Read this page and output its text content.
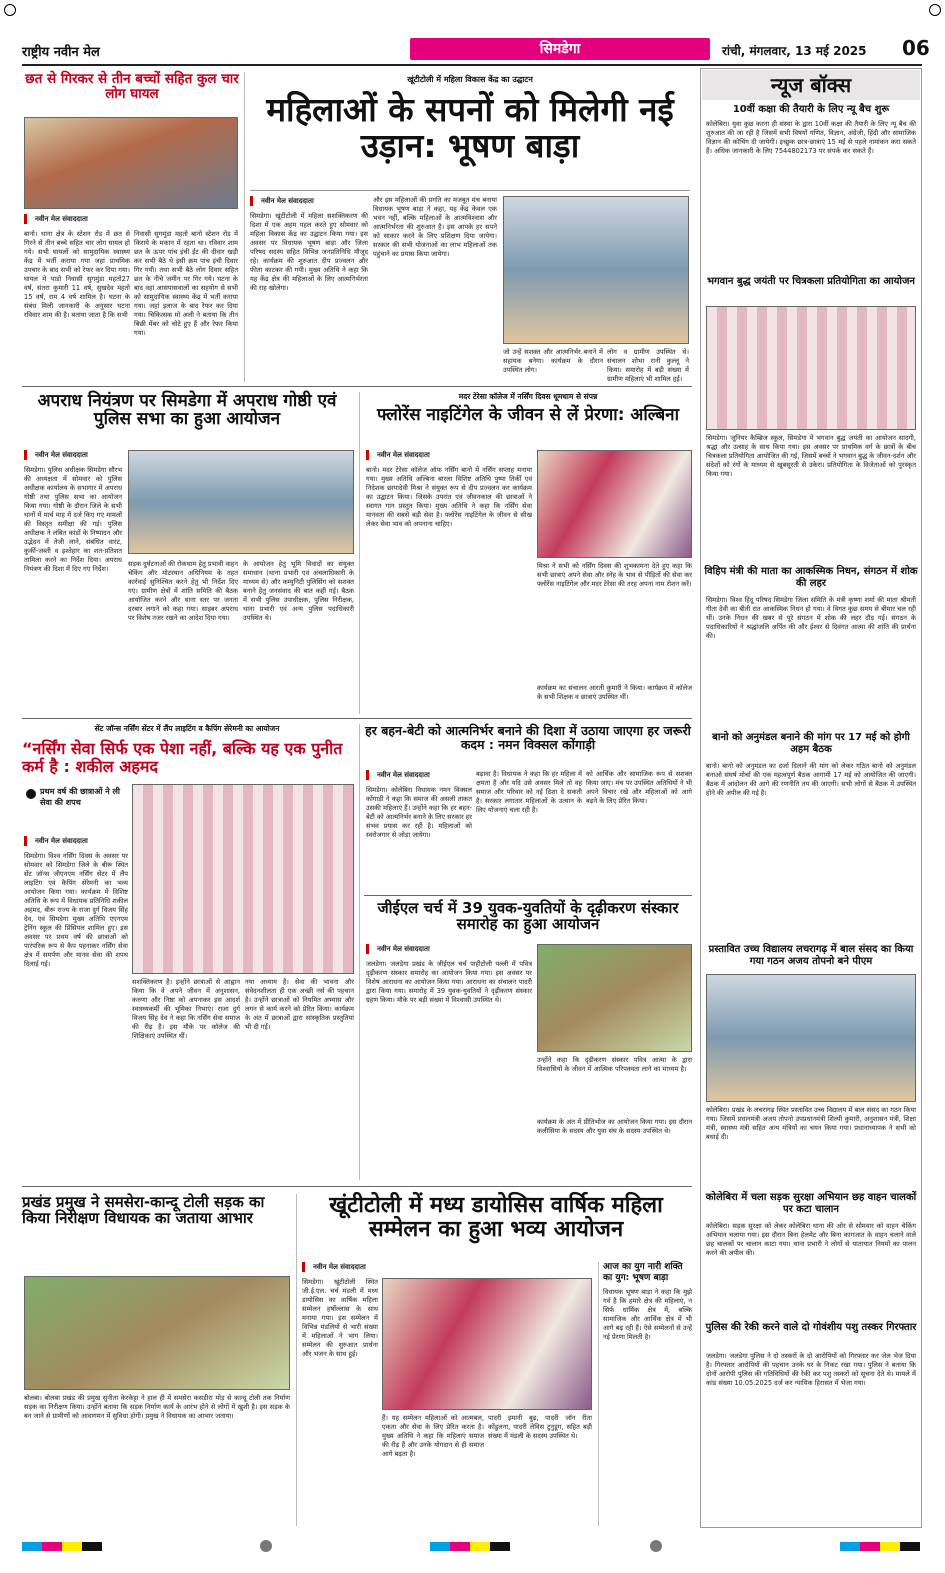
राष्ट्रीय नवीन मेल	सिमडेगा	रांची, मंगलवार, 13 मई 2025 06
छत से गिरकर से तीन बच्चों सहित कुल चार लोग घायल
नवीन मेल संवाददाता
बानो। थाना क्षेत्र के स्टेशन रोड में छत से गिरने से तीन बच्चे सहित चार लोग घायल हो गये। सभी घायलों को सामुदायिक स्वास्थ्य केंद्र में भर्ती कराया गया जहां प्राथमिक उपचार के बाद सभी को रेफर कर दिया गया। घायल मे पाडो निवासी सुगमुंडा महतो27 वर्ष, संतरा कुमारी 11 वर्ष, सुखदेव महतो 15 वर्ष, राम 4 वर्ष शामिल है। घटना के संबंध मिली जानकारी के अनुसार घटना रविवार शाम की है। बताया जाता है कि सभी
निवासी सुगमुंडा महतो बानो स्टेशन रोड में किराये के मकान में रहता था। रविवार शाम छत के ऊपर पांच इंची ईंट की दीवार खड़ी कर सभी बैठे थे इसी क्रम पांच इंची दिवार गिर गयी। तथा सभी बैठे लोग दिवार सहित छत के नीचे जमीन पर गिर गये। घटना के बाद वहां आसपासवालों का सहयोग से सभी को सामुदायिक स्वास्थ्य केंद्र में भर्ती कराया गया। जहां इलाज के बाद रेफर कर दिया गया। चिकित्सक मो अली ने बताया कि तीन बिछी मेंबर को चोटे हुए हैं और रेफर किया गया।
खूंटीटोली में महिला विकास केंद्र का उद्घाटन
महिलाओं के सपनों को मिलेगी नई उड़ान: भूषण बाड़ा
नवीन मेल संवाददाता
सिमडेगा। खूंटीटोली में महिला सशक्तिकरण की दिशा में एक अहम पहल करते हुए सोमवार को महिला विकास केंद्र का उद्घाटन किया गया। इस अवसर पर विधायक भूषण बाड़ा और जिला परिषद सदस्य सहित विभिन्न जनप्रतिनिधि मौजूद रहे। कार्यक्रम की शुरुआत दीप प्रज्वलन और फीता काटकर की गयी। मुख्य अतिथि ने कहा कि यह केंद्र क्षेत्र की महिलाओं के लिए आत्मनिर्भरता की राह खोलेगा।
और इस महिलाओं की प्रगति का मजबूत मंच बनाया विधायक भूषण बाड़ा ने कहा, यह केंद्र केवल एक भवन नहीं, बल्कि महिलाओं के आत्मविश्वास और आत्मनिर्भरता की शुरुआत है। इस आपके हर सपने को साकार करने के लिए प्रशिक्षण दिया जायेगा। सरकार की सभी योजनाओं का लाभ महिलाओं तक पहुंचाने का प्रयास किया जायेगा।
जो उन्हें सशक्त और आत्मनिर्भर बनाने में सहायक बनेगा। कार्यक्रम के दौरान उपस्थित लोग।
लोग व ग्रामीण उपस्थित थे। संचालन शोभा रानी कुल्लू ने किया। समारोह में बड़ी संख्या में ग्रामीण महिलाएं भी शामिल हुईं।
अपराध नियंत्रण पर सिमडेगा में अपराध गोष्ठी एवं पुलिस सभा का हुआ आयोजन
नवीन मेल संवाददाता
सिमडेगा। पुलिस अधीक्षक सिमडेगा सौरभ की अध्यक्षता में सोमवार को पुलिस अधीक्षक कार्यालय के सभागार में अपराध गोष्ठी तथा पुलिस सभा का आयोजन किया गया। गोष्ठी के दौरान जिले के सभी थानों में मार्च माह में दर्ज किए गए मामलों की विस्तृत समीक्षा की गई। पुलिस अधीक्षक ने लंबित कांडों के निष्पादन और उद्भेदन में तेजी लाने, संबंधित वारंट, कुर्की-जब्ती व इश्तेहार का शत-प्रतिशत तामिला करने का निर्देश दिया। अपराध नियंत्रण की दिशा में दिए गए निर्देश।
सड़क दुर्घटनाओं की रोकथाम हेतु प्रभावी वाहन चेकिंग और मोटरयान अधिनियम के तहत कार्रवाई सुनिश्चित करने हेतु भी निर्देश दिए गए। ग्रामीण क्षेत्रों में शांति समिति की बैठक आयोजित करने और थाना स्तर पर जनता दरबार लगाने को कहा गया। साइबर अपराध पर विशेष नजर रखने का आदेश दिया गया।
के आयोजन हेतु भूमि विवादों का संयुक्त समाधान (थाना प्रभारी एवं अंचलाधिकारी के माध्यम से) और कम्युनिटी पुलिसिंग को सशक्त बनाने हेतु जनसंवाद की बात कही गई। बैठक में सभी पुलिस उपाधीक्षक, पुलिस निरीक्षक, थाना प्रभारी एवं अन्य पुलिस पदाधिकारी उपस्थित थे।
मदर टेरेसा कॉलेज में नर्सिंग दिवस धूमधाम से संपन्न
फ्लोरेंस नाइटिंगेल के जीवन से लें प्रेरणा: अल्बिना
नवीन मेल संवाददाता
बानो। मदर टेरेसा कॉलेज ऑफ नर्सिंग बानो में नर्सिंग सप्ताह मनाया गया। मुख्य अतिथि अल्बिना बारला विशिष्ट अतिथि पुष्पा तिर्की एवं निदेशक छायादेवी मिश्रा ने संयुक्त रूप से दीप प्रज्वलन कर कार्यक्रम का उद्घाटन किया। जिसके उपरांत एवं जीवनकाल की छात्राओं ने स्वागत गान प्रस्तुत किया। मुख्य अतिथि ने कहा कि नर्सिंग सेवा मानवता की सबसे बड़ी सेवा है। फ्लोरेंस नाइटिंगेल के जीवन से सीख लेकर सेवा भाव को अपनाना चाहिए।
मिश्रा ने सभी को नर्सिंग दिवस की शुभकामना देते हुए कहा कि सभी छात्राएं अपने सेवा और स्नेह के भाव से पीड़ितों की सेवा कर फ्लोरेंस नाइटिंगेल और मदर टेरेसा की तरह अपना नाम रोशन करें।
कार्यक्रम का संचालन आरती कुमारी ने किया। कार्यक्रम में कॉलेज के सभी शिक्षक व छात्राएं उपस्थित थीं।
सेंट जॉन्स नर्सिंग सेंटर में लैंप लाइटिंग व कैपिंग सेरेमनी का आयोजन
“नर्सिंग सेवा सिर्फ एक पेशा नहीं, बल्कि यह एक पुनीत कर्म है : शकील अहमद
प्रथम वर्ष की छात्राओं ने ली सेवा की शपथ
नवीन मेल संवाददाता
सिमडेगा। विश्व नर्सिंग दिवस के अवसर पर सोमवार को सिमडेगा जिले के बीरू स्थित सेंट जॉन्स जीएनएम नर्सिंग सेंटर में लैंप लाइटिंग एवं कैपिंग सेरेमनी का भव्य आयोजन किया गया। कार्यक्रम में विशिष्ट अतिथि के रूप में विधायक प्रतिनिधि शकील अहमद, बीरू राज्य के राजा दुर्ग विजय सिंह देव, एवं सिमडेगा मुख्य अतिथि एएनएम ट्रेनिंग स्कूल की प्रिंसिपल शामिल हुए। इस अवसर पर प्रथम वर्ष की छात्राओं को पारंपरिक रूप से कैप पहनाकर नर्सिंग सेवा क्षेत्र में समर्पण और मानव सेवा की शपथ दिलाई गई।
सशक्तिकरण है। इन्होंने छात्राओं से आह्वान किया कि वे अपने जीवन में अनुशासन, करुणा और निष्ठा को अपनाकर इस आदर्श स्वास्थ्यकर्मी की भूमिका निभाएं। राजा दुर्ग विजय सिंह देव ने कहा कि नर्सिंग सेवा समाज की रीढ़ है। इस मौके पर कॉलेज की शिक्षिकाएं उपस्थित थीं।
नया अध्याय है। सेवा की भावना और संवेदनशीलता ही एक अच्छी नर्स की पहचान है। उन्होंने छात्राओं को नियमित अभ्यास और लगन से कार्य करने को प्रेरित किया। कार्यक्रम के अंत में छात्राओं द्वारा सांस्कृतिक प्रस्तुतियां भी दी गईं।
हर बहन-बेटी को आत्मनिर्भर बनाने की दिशा में उठाया जाएगा हर जरूरी कदम : नमन विक्सल कोंगाड़ी
नवीन मेल संवाददाता
सिमडेगा। कोलेबिरा विधायक नमन विक्सल कोंगाड़ी ने कहा कि समाज की असली ताकत उसकी महिलाएं हैं। उन्होंने कहा कि हर बहन-बेटी को आत्मनिर्भर बनाने के लिए सरकार हर संभव प्रयास कर रही है। महिलाओं को स्वरोजगार से जोड़ा जायेगा।
बढ़ावा है। विधायक ने कहा कि हर महिला में क्षमता है और यदि उसे अवसर मिले तो वह समाज और परिवार को नई दिशा दे सकती है। सरकार लगातार महिलाओं के उत्थान के लिए योजनाएं चला रही है।
को आर्थिक और सामाजिक रूप से सशक्त किया जाए। मंच पर उपस्थित अतिथियों ने भी अपने विचार रखे और महिलाओं को आगे बढ़ने के लिए प्रेरित किया।
जीईएल चर्च में 39 युवक-युवतियों के दृढ़ीकरण संस्कार समारोह का हुआ आयोजन
नवीन मेल संवाददाता
जलडेगा। जलडेगा प्रखंड के जीईएल चर्च पाहीटोली पल्ली में पवित्र दृढ़ीकरण संस्कार समारोह का आयोजन किया गया। इस अवसर पर विशेष आराधना का आयोजन किया गया। आराधना का संचालन पादरी द्वारा किया गया। समारोह में 39 युवक-युवतियों ने दृढ़ीकरण संस्कार ग्रहण किया। मौके पर बड़ी संख्या में विश्वासी उपस्थित थे।
उन्होंने कहा कि दृढ़ीकरण संस्कार पवित्र आत्मा के द्वारा विश्वासियों के जीवन में आत्मिक परिपक्वता लाने का माध्यम है।
कार्यक्रम के अंत में प्रीतिभोज का आयोजन किया गया। इस दौरान कलीसिया के सदस्य और युवा संघ के सदस्य उपस्थित थे।
प्रखंड प्रमुख ने समसेरा-कान्दू टोली सड़क का किया निरीक्षण विधायक का जताया आभार
बोलबा। बोलबा प्रखंड की प्रमुख सुनीता केरकेट्टा ने हाल ही में समसेरा कसडीरा मोड़ से कान्दू टोली तक निर्माण सड़क का निरीक्षण किया। उन्होंने बताया कि सड़क निर्माण कार्य के आरंभ होने से लोगों में खुशी है। इस सड़क के बन जाने से ग्रामीणों को आवागमन में सुविधा होगी। प्रमुख ने विधायक का आभार जताया।
खूंटीटोली में मध्य डायोसिस वार्षिक महिला सम्मेलन का हुआ भव्य आयोजन
नवीन मेल संवाददाता
सिमडेगा। खूंटीटोली स्थित जी.ई.एल. चर्च मंडली में मध्य डायोसिस का वार्षिक महिला सम्मेलन हर्षोल्लास के साथ मनाया गया। इस सम्मेलन में विभिन्न मंडलियों से भारी संख्या में महिलाओं ने भाग लिया। सम्मेलन की शुरुआत प्रार्थना और भजन के साथ हुई।
हैं। यह सम्मेलन महिलाओं को आत्मबल, एकता और सेवा के लिए प्रेरित करता है। मुख्य अतिथि ने कहा कि महिलाएं समाज की रीढ़ हैं और उनके योगदान से ही समाज आगे बढ़ता है।
पादरी इमानी बुढ़, पादरी जॉन रीता कोंडुलना, पादरी लेविस टुनुडूग, सहित बड़ी संख्या में मंडली के सदस्य उपस्थित थे।
आज का युग नारी शक्ति का युग: भूषण बाड़ा
विधायक भूषण बाड़ा ने कहा कि मुझे गर्व है कि हमारे क्षेत्र की महिलाएं, न सिर्फ धार्मिक क्षेत्र में, बल्कि सामाजिक और आर्थिक क्षेत्र में भी आगे बढ़ रही हैं। ऐसे सम्मेलनों से उन्हें नई प्रेरणा मिलती है।
न्यूज बॉक्स
10वीं कक्षा की तैयारी के लिए न्यू बैच शुरू
कोलेबिरा। युवा कुछ करना ही संस्था के द्वारा 10वीं कक्षा की तैयारी के लिए न्यू बैच की शुरुआत की जा रही है जिसमें सभी विषयों गणित, विज्ञान, अंग्रेजी, हिंदी और सामाजिक विज्ञान की कोचिंग दी जायेगी। इच्छुक छात्र-छात्राएं 15 मई से पहले नामांकन करा सकते हैं। अधिक जानकारी के लिए 7544802173 पर संपर्क कर सकते हैं।
भगवान बुद्ध जयंती पर चित्रकला प्रतियोगिता का आयोजन
सिमडेगा। जूनियर कैम्ब्रिज स्कूल, सिमडेगा में भगवान बुद्ध जयंती का आयोजन सादगी, श्रद्धा और उत्साह के साथ किया गया। इस अवसर पर प्राथमिक वर्ग के छात्रों के बीच चित्रकला प्रतियोगिता आयोजित की गई, जिसमें बच्चों ने भगवान बुद्ध के जीवन-दर्शन और संदेशों को रंगों के माध्यम से खूबसूरती से उकेरा। प्रतियोगिता के विजेताओं को पुरस्कृत किया गया।
विहिप मंत्री की माता का आकस्मिक निधन, संगठन में शोक की लहर
सिमडेगा। विश्व हिंदू परिषद सिमडेगा जिला समिति के मंत्री कृष्णा शर्मा की माता श्रीमती गीता देवी का बीती रात आकस्मिक निधन हो गया। वे विगत कुछ समय से बीमार चल रही थीं। उनके निधन की खबर से पूरे संगठन में शोक की लहर दौड़ गई। संगठन के पदाधिकारियों ने श्रद्धांजलि अर्पित की और ईश्वर से दिवंगत आत्मा की शांति की प्रार्थना की।
बानो को अनुमंडल बनाने की मांग पर 17 मई को होगी अहम बैठक
बानो। बानो को अनुमंडल का दर्जा दिलाने की मांग को लेकर गठित बानो को अनुमंडल बनाओ संघर्ष मोर्चा की एक महत्वपूर्ण बैठक आगामी 17 मई को आयोजित की जाएगी। बैठक में आंदोलन की आगे की रणनीति तय की जाएगी। सभी लोगों से बैठक में उपस्थित होने की अपील की गई है।
प्रस्तावित उच्च विद्यालय लचरागढ़ में बाल संसद का किया गया गठन अजय तोपनो बने पीएम
कोलेबिरा। प्रखंड के लचरागढ़ स्थित प्रस्तावित उच्च विद्यालय में बाल संसद का गठन किया गया। जिसमें प्रधानमंत्री अजय तोपनो उपप्रधानमंत्री शिल्पी कुमारी, अनुशासन मंत्री, शिक्षा मंत्री, स्वास्थ्य मंत्री सहित अन्य मंत्रियों का चयन किया गया। प्रधानाध्यापक ने सभी को बधाई दी।
कोलेबिरा में चला सड़क सुरक्षा अभियान छह वाहन चालकों पर कटा चालान
कोलेबिरा। सड़क सुरक्षा को लेकर कोलेबिरा थाना की ओर से सोमवार को वाहन चेकिंग अभियान चलाया गया। इस दौरान बिना हेलमेट और बिना कागजात के वाहन चलाने वाले छह चालकों पर चालान काटा गया। थाना प्रभारी ने लोगों से यातायात नियमों का पालन करने की अपील की।
पुलिस की रेकी करने वाले दो गोवंशीय पशु तस्कर गिरफ्तार
जलडेगा। जलडेगा पुलिस ने दो तस्करों के दो आरोपियों को गिरफ्तार कर जेल भेज दिया है। गिरफ्तार आरोपियों की पहचान उनके घर के निकट रखा गया। पुलिस ने बताया कि दोनों आरोपी पुलिस की गतिविधियों की रेकी कर पशु तस्करों को सूचना देते थे। मामले में कांड संख्या 10.05.2025 दर्ज कर न्यायिक हिरासत में भेजा गया।
